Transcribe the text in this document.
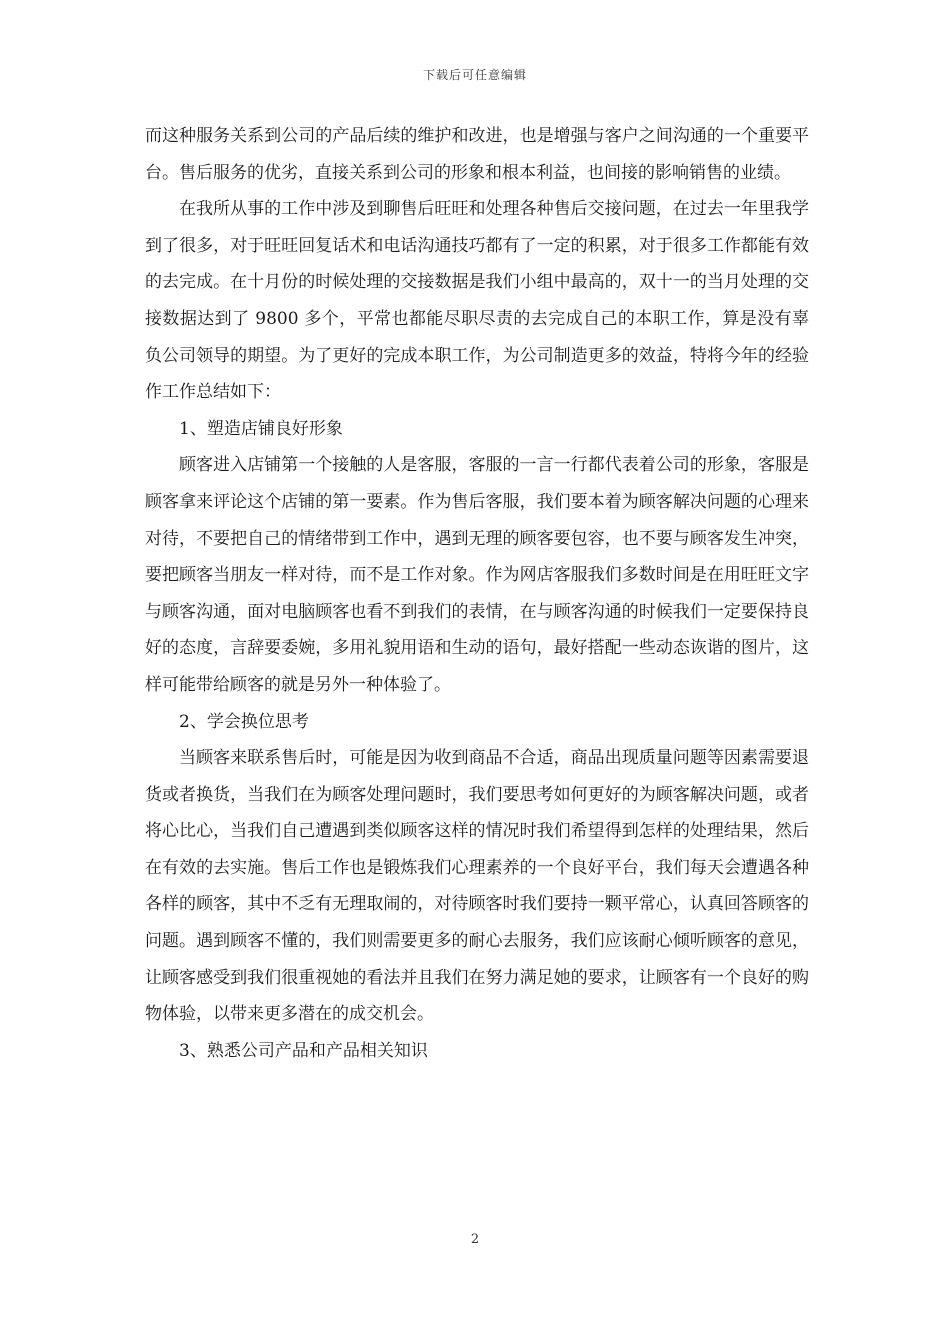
下载后可任意编辑

而这种服务关系到公司的产品后续的维护和改进，也是增强与客户之间沟通的一个重要平台。售后服务的优劣，直接关系到公司的形象和根本利益，也间接的影响销售的业绩。

在我所从事的工作中涉及到聊售后旺旺和处理各种售后交接问题，在过去一年里我学到了很多，对于旺旺回复话术和电话沟通技巧都有了一定的积累，对于很多工作都能有效的去完成。在十月份的时候处理的交接数据是我们小组中最高的，双十一的当月处理的交接数据达到了 9800 多个，平常也都能尽职尽责的去完成自己的本职工作，算是没有辜负公司领导的期望。为了更好的完成本职工作，为公司制造更多的效益，特将今年的经验作工作总结如下：

1、塑造店铺良好形象

顾客进入店铺第一个接触的人是客服，客服的一言一行都代表着公司的形象，客服是顾客拿来评论这个店铺的第一要素。作为售后客服，我们要本着为顾客解决问题的心理来对待，不要把自己的情绪带到工作中，遇到无理的顾客要包容，也不要与顾客发生冲突，要把顾客当朋友一样对待，而不是工作对象。作为网店客服我们多数时间是在用旺旺文字与顾客沟通，面对电脑顾客也看不到我们的表情，在与顾客沟通的时候我们一定要保持良好的态度，言辞要委婉，多用礼貌用语和生动的语句，最好搭配一些动态诙谐的图片，这样可能带给顾客的就是另外一种体验了。

2、学会换位思考

当顾客来联系售后时，可能是因为收到商品不合适，商品出现质量问题等因素需要退货或者换货，当我们在为顾客处理问题时，我们要思考如何更好的为顾客解决问题，或者将心比心，当我们自己遭遇到类似顾客这样的情况时我们希望得到怎样的处理结果，然后在有效的去实施。售后工作也是锻炼我们心理素养的一个良好平台，我们每天会遭遇各种各样的顾客，其中不乏有无理取闹的，对待顾客时我们要持一颗平常心，认真回答顾客的问题。遇到顾客不懂的，我们则需要更多的耐心去服务，我们应该耐心倾听顾客的意见，让顾客感受到我们很重视她的看法并且我们在努力满足她的要求，让顾客有一个良好的购物体验，以带来更多潜在的成交机会。

3、熟悉公司产品和产品相关知识

2
